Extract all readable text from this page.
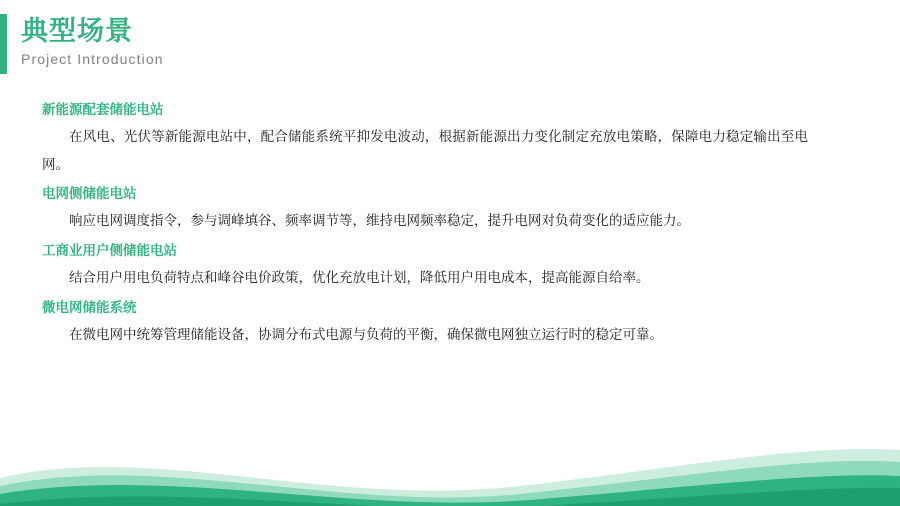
典型场景
Project Introduction
新能源配套储能电站
在风电、光伏等新能源电站中，配合储能系统平抑发电波动，根据新能源出力变化制定充放电策略，保障电力稳定输出至电网。
电网侧储能电站
响应电网调度指令，参与调峰填谷、频率调节等，维持电网频率稳定，提升电网对负荷变化的适应能力。
工商业用户侧储能电站
结合用户用电负荷特点和峰谷电价政策，优化充放电计划，降低用户用电成本，提高能源自给率。
微电网储能系统
在微电网中统筹管理储能设备，协调分布式电源与负荷的平衡，确保微电网独立运行时的稳定可靠。
